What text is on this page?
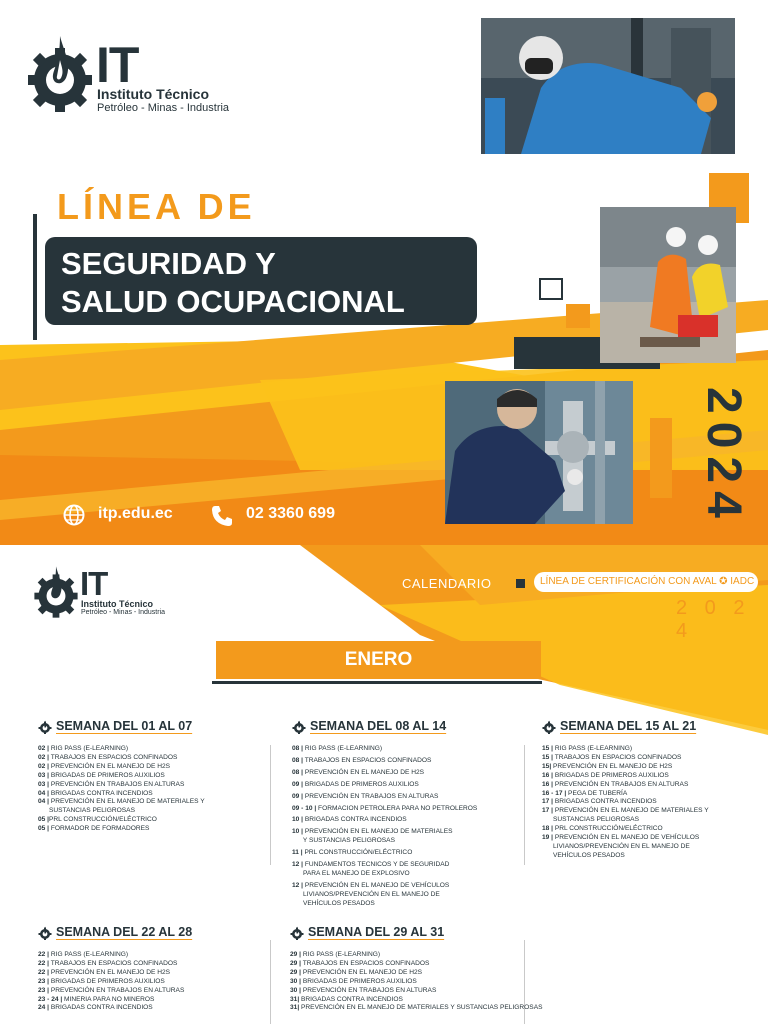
IT
Instituto Técnico
Petróleo - Minas - Industria
LÍNEA DE
SEGURIDAD Y
SALUD OCUPACIONAL
2024
itp.edu.ec	02 3360 699
IT
Instituto Técnico
Petróleo - Minas - Industria
CALENDARIO	LÍNEA DE CERTIFICACIÓN CON AVAL ✪ IADC
2 0 2 4
ENERO
SEMANA DEL 01 AL 07
02 | RIG PASS (E-LEARNING)
02 | TRABAJOS EN ESPACIOS CONFINADOS
02 | PREVENCIÓN EN EL MANEJO DE H2S
03 | BRIGADAS DE PRIMEROS AUXILIOS
03 | PREVENCIÓN EN TRABAJOS EN ALTURAS
04 | BRIGADAS CONTRA INCENDIOS
04 | PREVENCIÓN EN EL MANEJO DE MATERIALES Y
SUSTANCIAS PELIGROSAS
05 |PRL CONSTRUCCIÓN/ELÉCTRICO
05 | FORMADOR DE FORMADORES
SEMANA DEL 08 AL 14
08 | RIG PASS (E-LEARNING)
08 | TRABAJOS EN ESPACIOS CONFINADOS
08 | PREVENCIÓN EN EL MANEJO DE H2S
09 | BRIGADAS DE PRIMEROS AUXILIOS
09 | PREVENCIÓN EN TRABAJOS EN ALTURAS
09 - 10 | FORMACION PETROLERA PARA NO PETROLEROS
10 | BRIGADAS CONTRA INCENDIOS
10 | PREVENCIÓN EN EL MANEJO DE MATERIALES
Y SUSTANCIAS PELIGROSAS
11 | PRL CONSTRUCCIÓN/ELÉCTRICO
12 | FUNDAMENTOS TECNICOS Y DE SEGURIDAD
PARA EL MANEJO DE EXPLOSIVO
12 | PREVENCIÓN EN EL MANEJO DE VEHÍCULOS
LIVIANOS/PREVENCIÓN EN EL MANEJO DE
VEHÍCULOS PESADOS
SEMANA DEL 15 AL 21
15 | RIG PASS (E-LEARNING)
15 | TRABAJOS EN ESPACIOS CONFINADOS
15| PREVENCIÓN EN EL MANEJO DE H2S
16 | BRIGADAS DE PRIMEROS AUXILIOS
16 | PREVENCIÓN EN TRABAJOS EN ALTURAS
16 - 17 | PEGA DE TUBERÍA
17 | BRIGADAS CONTRA INCENDIOS
17 | PREVENCIÓN EN EL MANEJO DE MATERIALES Y
SUSTANCIAS PELIGROSAS
18 | PRL CONSTRUCCIÓN/ELÉCTRICO
19 | PREVENCIÓN EN EL MANEJO DE VEHÍCULOS
LIVIANOS/PREVENCIÓN EN EL MANEJO DE
VEHÍCULOS PESADOS
SEMANA DEL 22 AL 28
22 | RIG PASS (E-LEARNING)
22 | TRABAJOS EN ESPACIOS CONFINADOS
22 | PREVENCIÓN EN EL MANEJO DE H2S
23 | BRIGADAS DE PRIMEROS AUXILIOS
23 | PREVENCIÓN EN TRABAJOS EN ALTURAS
23 - 24 | MINERIA PARA NO MINEROS
24 | BRIGADAS CONTRA INCENDIOS
SEMANA DEL 29 AL 31
29 | RIG PASS (E-LEARNING)
29 | TRABAJOS EN ESPACIOS CONFINADOS
29 | PREVENCIÓN EN EL MANEJO DE H2S
30 | BRIGADAS DE PRIMEROS AUXILIOS
30 | PREVENCIÓN EN TRABAJOS EN ALTURAS
31| BRIGADAS CONTRA INCENDIOS
31| PREVENCIÓN EN EL MANEJO DE MATERIALES Y SUSTANCIAS PELIGROSAS
